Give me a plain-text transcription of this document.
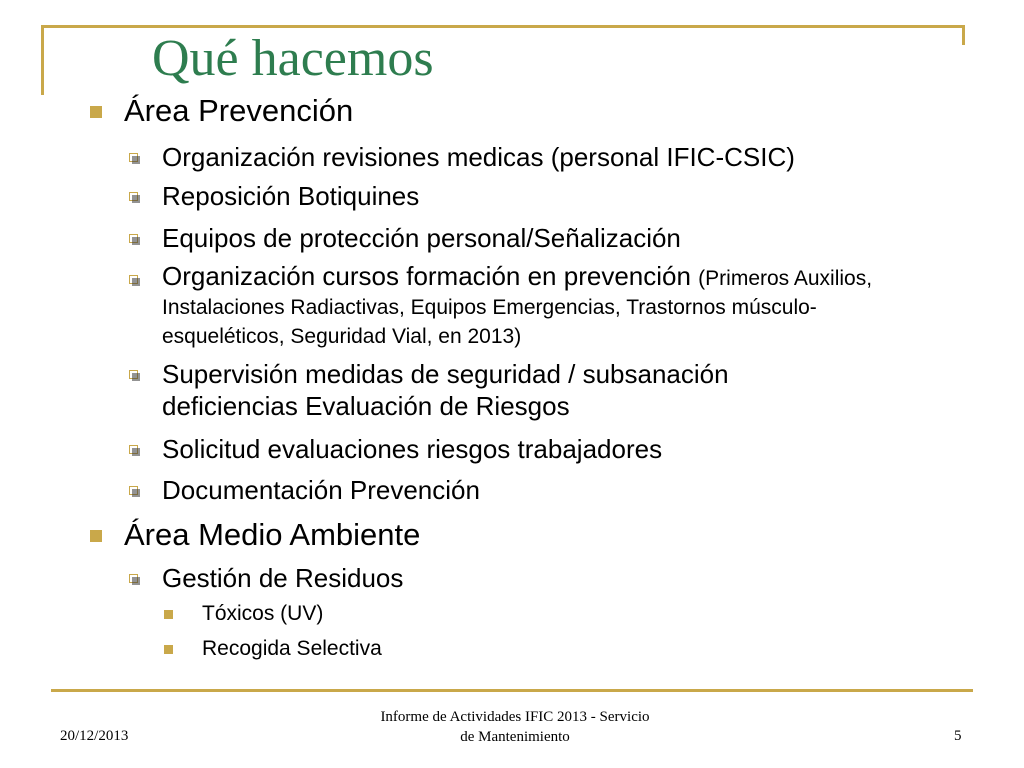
Qué hacemos
Área Prevención
Organización revisiones medicas (personal IFIC-CSIC)
Reposición Botiquines
Equipos de protección personal/Señalización
Organización cursos formación en prevención (Primeros Auxilios, Instalaciones Radiactivas, Equipos Emergencias, Trastornos músculo-esqueléticos, Seguridad Vial, en 2013)
Supervisión medidas de seguridad / subsanación deficiencias Evaluación de Riesgos
Solicitud evaluaciones riesgos trabajadores
Documentación Prevención
Área Medio Ambiente
Gestión de Residuos
Tóxicos (UV)
Recogida Selectiva
20/12/2013
Informe de Actividades IFIC 2013 - Servicio
de Mantenimiento	5
